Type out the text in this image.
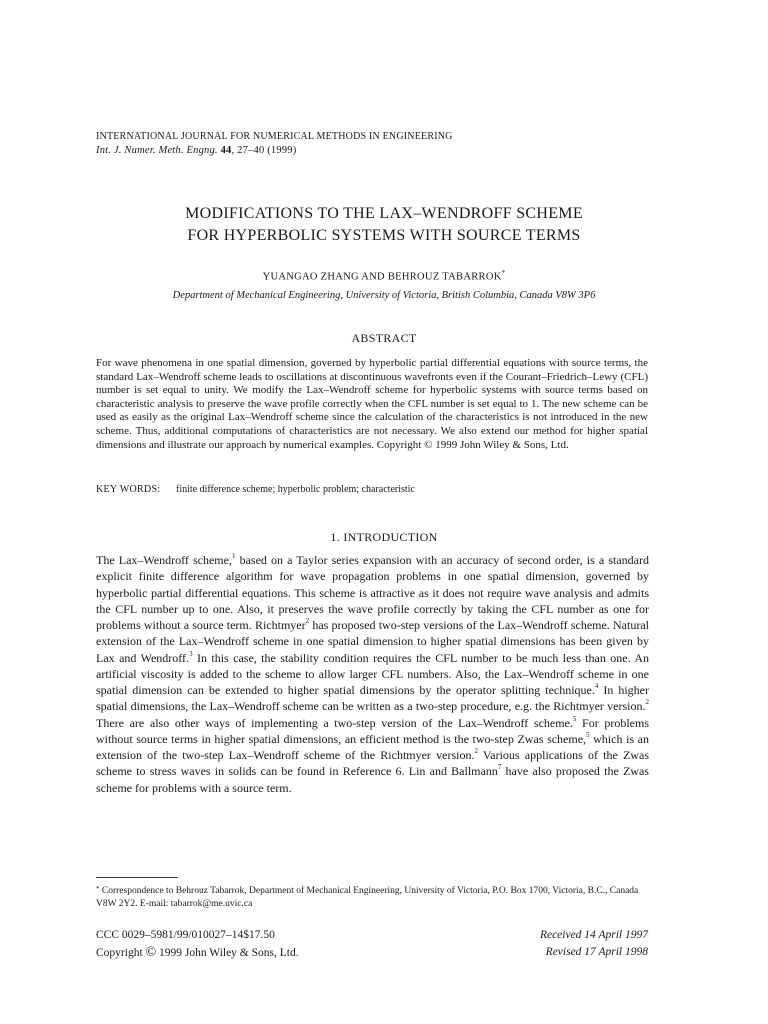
INTERNATIONAL JOURNAL FOR NUMERICAL METHODS IN ENGINEERING
Int. J. Numer. Meth. Engng. 44, 27–40 (1999)
MODIFICATIONS TO THE LAX–WENDROFF SCHEME
FOR HYPERBOLIC SYSTEMS WITH SOURCE TERMS
YUANGAO ZHANG AND BEHROUZ TABARROK*
Department of Mechanical Engineering, University of Victoria, British Columbia, Canada V8W 3P6
ABSTRACT
For wave phenomena in one spatial dimension, governed by hyperbolic partial differential equations with source terms, the standard Lax–Wendroff scheme leads to oscillations at discontinuous wavefronts even if the Courant–Friedrich–Lewy (CFL) number is set equal to unity. We modify the Lax–Wendroff scheme for hyperbolic systems with source terms based on characteristic analysis to preserve the wave profile correctly when the CFL number is set equal to 1. The new scheme can be used as easily as the original Lax–Wendroff scheme since the calculation of the characteristics is not introduced in the new scheme. Thus, additional computations of characteristics are not necessary. We also extend our method for higher spatial dimensions and illustrate our approach by numerical examples. Copyright © 1999 John Wiley & Sons, Ltd.
KEY WORDS: finite difference scheme; hyperbolic problem; characteristic
1. INTRODUCTION
The Lax–Wendroff scheme,$^1$ based on a Taylor series expansion with an accuracy of second order, is a standard explicit finite difference algorithm for wave propagation problems in one spatial dimension, governed by hyperbolic partial differential equations. This scheme is attractive as it does not require wave analysis and admits the CFL number up to one. Also, it preserves the wave profile correctly by taking the CFL number as one for problems without a source term. Richtmyer$^2$ has proposed two-step versions of the Lax–Wendroff scheme. Natural extension of the Lax–Wendroff scheme in one spatial dimension to higher spatial dimensions has been given by Lax and Wendroff.$^3$ In this case, the stability condition requires the CFL number to be much less than one. An artificial viscosity is added to the scheme to allow larger CFL numbers. Also, the Lax–Wendroff scheme in one spatial dimension can be extended to higher spatial dimensions by the operator splitting technique.$^4$ In higher spatial dimensions, the Lax–Wendroff scheme can be written as a two-step procedure, e.g. the Richtmyer version.$^2$ There are also other ways of implementing a two-step version of the Lax–Wendroff scheme.$^5$ For problems without source terms in higher spatial dimensions, an efficient method is the two-step Zwas scheme,$^5$ which is an extension of the two-step Lax–Wendroff scheme of the Richtmyer version.$^2$ Various applications of the Zwas scheme to stress waves in solids can be found in Reference 6. Lin and Ballmann$^7$ have also proposed the Zwas scheme for problems with a source term.
* Correspondence to Behrouz Tabarrok, Department of Mechanical Engineering, University of Victoria, P.O. Box 1700, Victoria, B.C., Canada V8W 2Y2. E-mail: tabarrok@me.uvic.ca
CCC 0029–5981/99/010027–14$17.50
Copyright © 1999 John Wiley & Sons, Ltd.
Received 14 April 1997
Revised 17 April 1998
